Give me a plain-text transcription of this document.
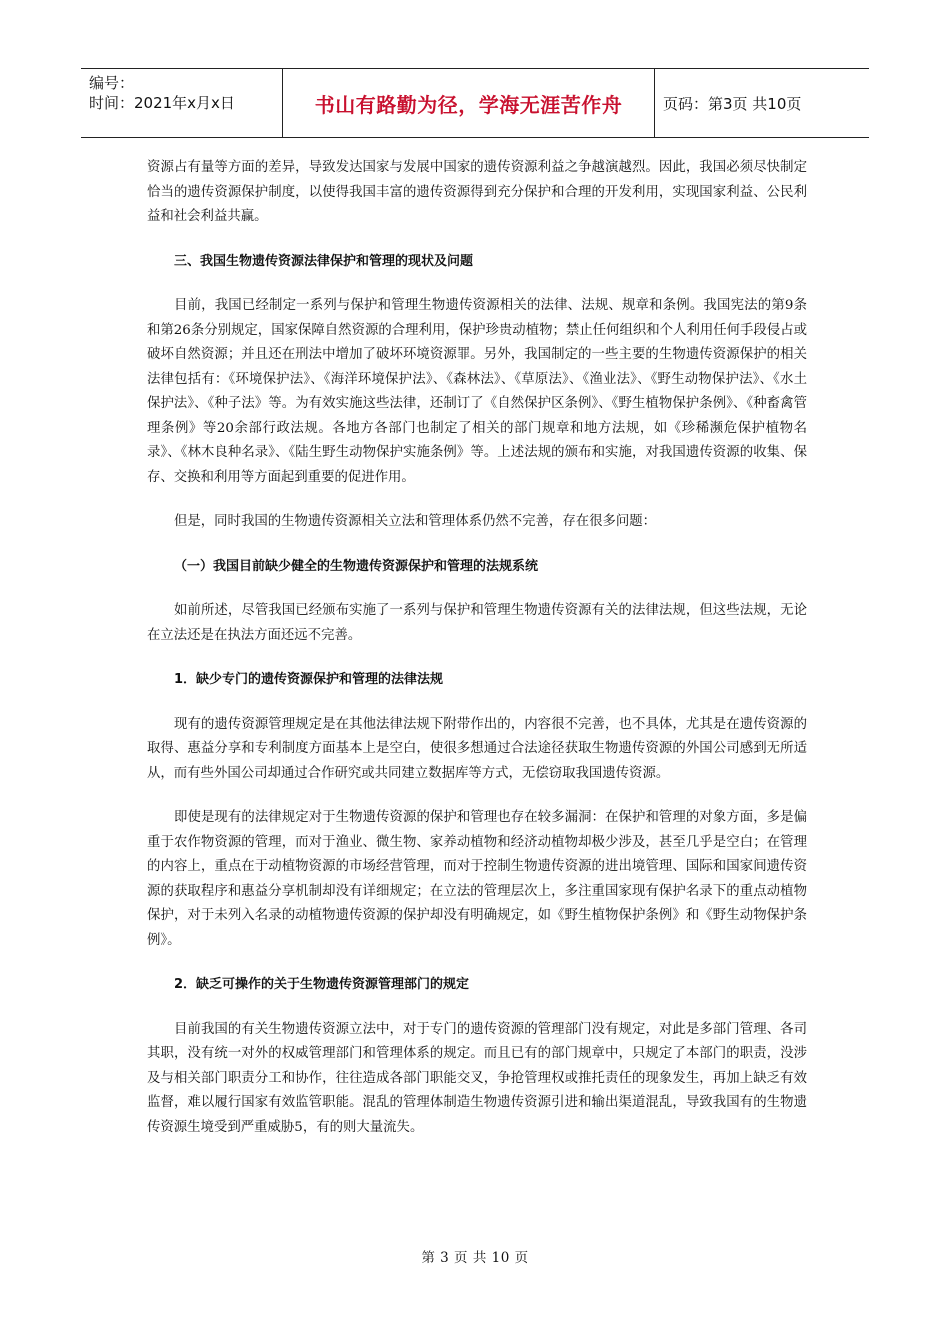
编号：
时间：2021年x月x日	书山有路勤为径，学海无涯苦作舟	页码：第3页 共10页

资源占有量等方面的差异，导致发达国家与发展中国家的遗传资源利益之争越演越烈。因此，我国必须尽快制定恰当的遗传资源保护制度，以使得我国丰富的遗传资源得到充分保护和合理的开发利用，实现国家利益、公民利益和社会利益共赢。

三、我国生物遗传资源法律保护和管理的现状及问题

目前，我国已经制定一系列与保护和管理生物遗传资源相关的法律、法规、规章和条例。我国宪法的第9条和第26条分别规定，国家保障自然资源的合理利用，保护珍贵动植物；禁止任何组织和个人利用任何手段侵占或破坏自然资源；并且还在刑法中增加了破坏环境资源罪。另外，我国制定的一些主要的生物遗传资源保护的相关法律包括有：《环境保护法》、《海洋环境保护法》、《森林法》、《草原法》、《渔业法》、《野生动物保护法》、《水土保护法》、《种子法》等。为有效实施这些法律，还制订了《自然保护区条例》、《野生植物保护条例》、《种畜禽管理条例》等20余部行政法规。各地方各部门也制定了相关的部门规章和地方法规，如《珍稀濒危保护植物名录》、《林木良种名录》、《陆生野生动物保护实施条例》等。上述法规的颁布和实施，对我国遗传资源的收集、保存、交换和利用等方面起到重要的促进作用。

但是，同时我国的生物遗传资源相关立法和管理体系仍然不完善，存在很多问题：

（一）我国目前缺少健全的生物遗传资源保护和管理的法规系统

如前所述，尽管我国已经颁布实施了一系列与保护和管理生物遗传资源有关的法律法规，但这些法规，无论在立法还是在执法方面还远不完善。

1．缺少专门的遗传资源保护和管理的法律法规

现有的遗传资源管理规定是在其他法律法规下附带作出的，内容很不完善，也不具体，尤其是在遗传资源的取得、惠益分享和专利制度方面基本上是空白，使很多想通过合法途径获取生物遗传资源的外国公司感到无所适从，而有些外国公司却通过合作研究或共同建立数据库等方式，无偿窃取我国遗传资源。

即使是现有的法律规定对于生物遗传资源的保护和管理也存在较多漏洞：在保护和管理的对象方面，多是偏重于农作物资源的管理，而对于渔业、微生物、家养动植物和经济动植物却极少涉及，甚至几乎是空白；在管理的内容上，重点在于动植物资源的市场经营管理，而对于控制生物遗传资源的进出境管理、国际和国家间遗传资源的获取程序和惠益分享机制却没有详细规定；在立法的管理层次上，多注重国家现有保护名录下的重点动植物保护，对于未列入名录的动植物遗传资源的保护却没有明确规定，如《野生植物保护条例》和《野生动物保护条例》。

2．缺乏可操作的关于生物遗传资源管理部门的规定

目前我国的有关生物遗传资源立法中，对于专门的遗传资源的管理部门没有规定，对此是多部门管理、各司其职，没有统一对外的权威管理部门和管理体系的规定。而且已有的部门规章中，只规定了本部门的职责，没涉及与相关部门职责分工和协作，往往造成各部门职能交叉，争抢管理权或推托责任的现象发生，再加上缺乏有效监督，难以履行国家有效监管职能。混乱的管理体制造生物遗传资源引进和输出渠道混乱，导致我国有的生物遗传资源生境受到严重威胁5，有的则大量流失。

第 3 页 共 10 页
